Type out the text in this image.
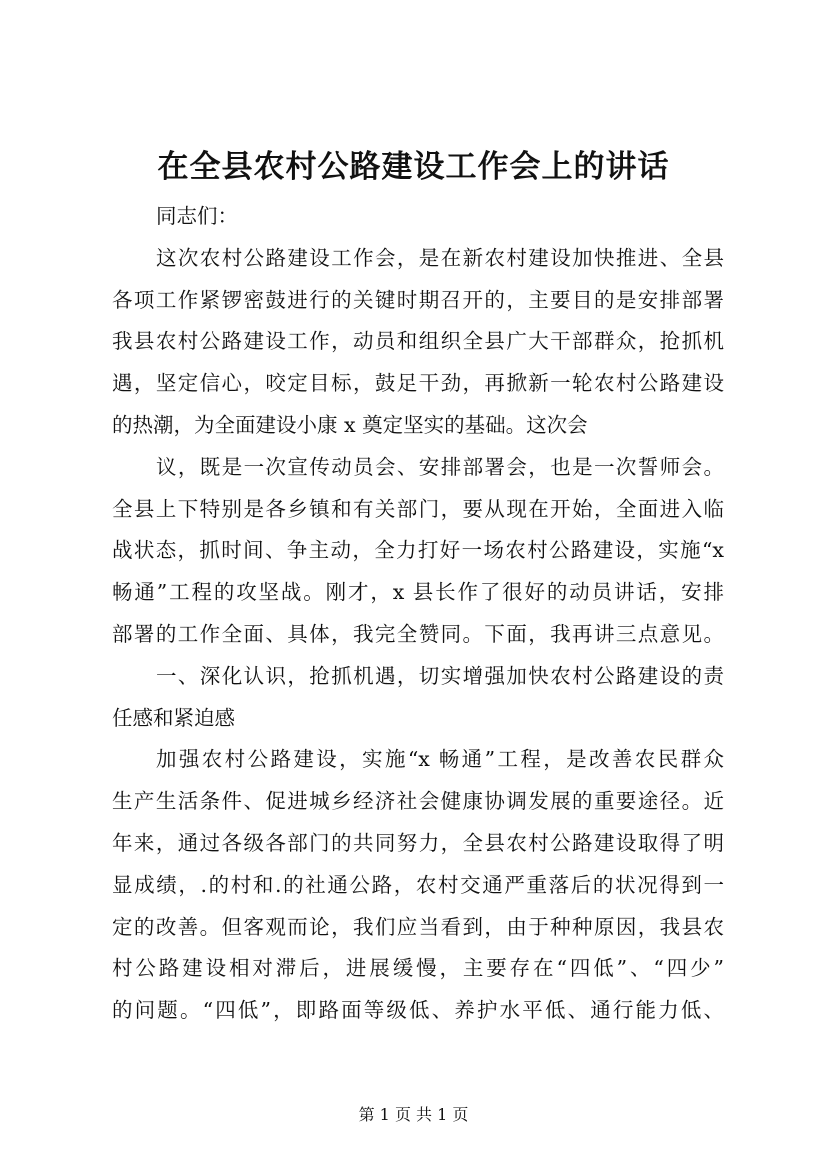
在全县农村公路建设工作会上的讲话
同志们：
这次农村公路建设工作会，是在新农村建设加快推进、全县
各项工作紧锣密鼓进行的关键时期召开的，主要目的是安排部署
我县农村公路建设工作，动员和组织全县广大干部群众，抢抓机
遇，坚定信心，咬定目标，鼓足干劲，再掀新一轮农村公路建设
的热潮，为全面建设小康 x 奠定坚实的基础。这次会
议，既是一次宣传动员会、安排部署会，也是一次誓师会。
全县上下特别是各乡镇和有关部门，要从现在开始，全面进入临
战状态，抓时间、争主动，全力打好一场农村公路建设，实施“x
畅通”工程的攻坚战。刚才，x 县长作了很好的动员讲话，安排
部署的工作全面、具体，我完全赞同。下面，我再讲三点意见。
一、深化认识，抢抓机遇，切实增强加快农村公路建设的责
任感和紧迫感
加强农村公路建设，实施“x 畅通”工程，是改善农民群众
生产生活条件、促进城乡经济社会健康协调发展的重要途径。近
年来，通过各级各部门的共同努力，全县农村公路建设取得了明
显成绩，.的村和.的社通公路，农村交通严重落后的状况得到一
定的改善。但客观而论，我们应当看到，由于种种原因，我县农
村公路建设相对滞后，进展缓慢，主要存在“四低”、“四少”
的问题。“四低”，即路面等级低、养护水平低、通行能力低、
第 1 页 共 1 页
